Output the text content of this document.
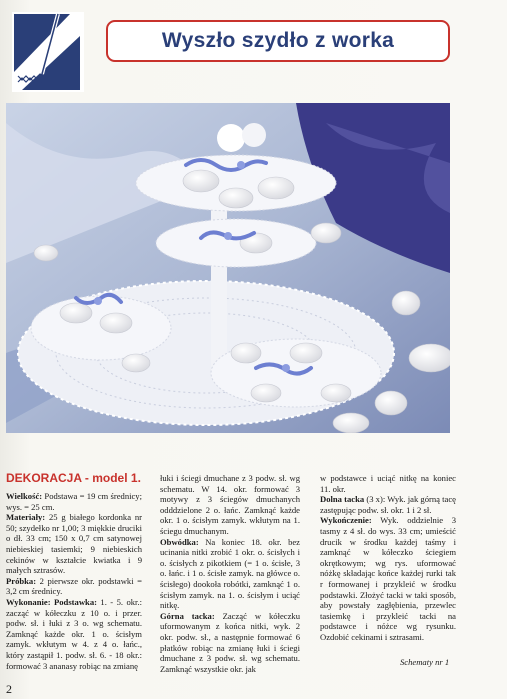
Wyszło szydło z worka
DEKORACJA - model 1.

Wielkość: Podstawa = 19 cm średnicy; wys. = 25 cm.

Materiały: 25 g białego kordonka nr 50; szydełko nr 1,00; 3 miękkie druciki o dł. 33 cm; 150 x 0,7 cm satynowej niebieskiej tasiemki; 9 niebieskich cekinów w kształcie kwiatka i 9 małych sztrasów.

Próbka: 2 pierwsze okr. podstawki = 3,2 cm średnicy.

Wykonanie: Podstawka: 1. - 5. okr.: zacząć w kółeczku z 10 o. i przer. podw. sł. i łuki z 3 o. wg schematu. Zamknąć każde okr. 1 o. ścisłym zamyk. wkłutym w 4. z 4 o. łańc., który zastąpił 1. podw. sł. 6. - 18 okr.: formować 3 ananasy robiąc na zmianę

łuki i ściegi dmuchane z 3 podw. sł. wg schematu. W 14. okr. formować 3 motywy z 3 ściegów dmuchanych odddzielone 2 o. łańc. Zamknąć każde okr. 1 o. ścisłym zamyk. wkłutym na 1. ściegu dmuchanym.

Obwódka: Na koniec 18. okr. bez ucinania nitki zrobić 1 okr. o. ścisłych i o. ścisłych z pikotkiem (= 1 o. ścisłe, 3 o. łańc. i 1 o. ścisłe zamyk. na główce o. ścisłego) dookoła robótki, zamknąć 1 o. ścisłym zamyk. na 1. o. ścisłym i uciąć nitkę.

Górna tacka: Zacząć w kółeczku uformowanym z końca nitki, wyk. 2 okr. podw. sł., a następnie formować 6 płatków robiąc na zmianę łuki i ściegi dmuchane z 3 podw. sł. wg schematu. Zamknąć wszystkie okr. jak

w podstawce i uciąć nitkę na koniec 11. okr.

Dolna tacka (3 x): Wyk. jak górną tacę zastępując podw. sł. okr. 1 i 2 sł.

Wykończenie: Wyk. oddzielnie 3 tasmy z 4 sł. do wys. 33 cm; umieścić drucik w środku każdej taśmy i zamknąć w kółeczko ściegiem okrętkowym; wg rys. uformować nóżkę składając końce każdej rurki tak r formowanej i przykleić w środku podstawki. Złożyć tacki w taki sposób, aby powstały zagłębienia, przewlec tasiemkę i przykleić tacki na podstawce i nóżce wg rysunku. Ozdobić cekinami i sztrasami.

Schematy nr 1
2
